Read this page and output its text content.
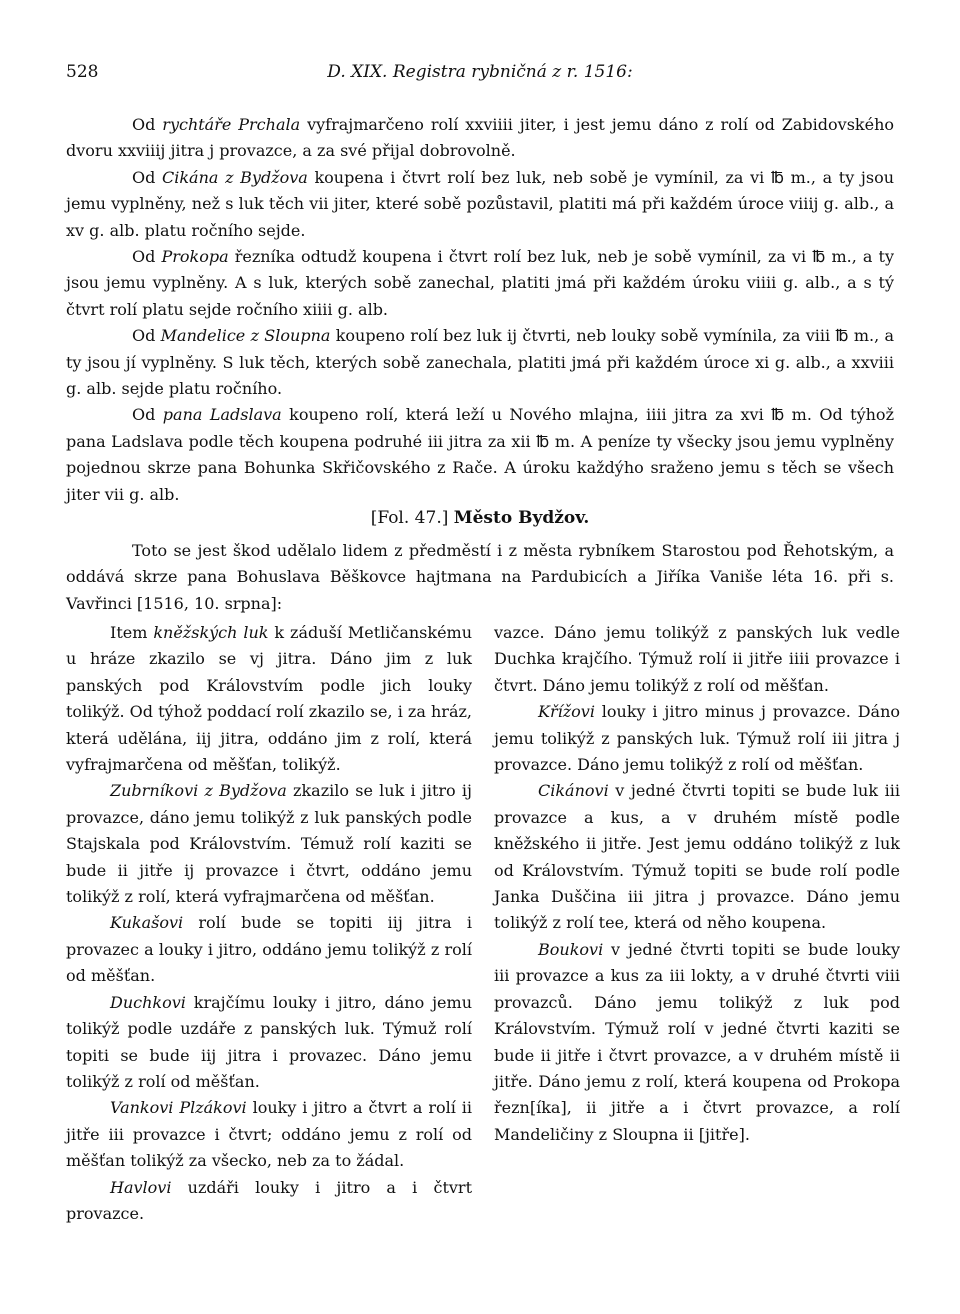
528	D. XIX. Registra rybničná z r. 1516:

Od rychtáře Prchala vyfrajmarčeno rolí xxviiii jiter, i jest jemu dáno z rolí od Zabidovského dvoru xxviiij jitra j provazce, a za své přijal dobrovolně.

Od Cikána z Bydžova koupena i čtvrt rolí bez luk, neb sobě je vymínil, za vi ℔ m., a ty jsou jemu vyplněny, než s luk těch vii jiter, které sobě pozůstavil, platiti má při každém úroce viiij g. alb., a xv g. alb. platu ročního sejde.

Od Prokopa řezníka odtudž koupena i čtvrt rolí bez luk, neb je sobě vymínil, za vi ℔ m., a ty jsou jemu vyplněny. A s luk, kterých sobě zanechal, platiti jmá při každém úroku viiii g. alb., a s tý čtvrt rolí platu sejde ročního xiiii g. alb.

Od Mandelice z Sloupna koupeno rolí bez luk ij čtvrti, neb louky sobě vymínila, za viii ℔ m., a ty jsou jí vyplněny. S luk těch, kterých sobě zanechala, platiti jmá při každém úroce xi g. alb., a xxviii g. alb. sejde platu ročního.

Od pana Ladslava koupeno rolí, která leží u Nového mlajna, iiii jitra za xvi ℔ m. Od týhož pana Ladslava podle těch koupena podruhé iii jitra za xii ℔ m. A peníze ty všecky jsou jemu vyplněny pojednou skrze pana Bohunka Skřičovského z Rače. A úroku každýho sraženo jemu s těch se všech jiter vii g. alb.

[Fol. 47.] Město Bydžov.

Toto se jest škod udělalo lidem z předměstí i z města rybníkem Starostou pod Řehotským, a oddává skrze pana Bohuslava Běškovce hajtmana na Pardubicích a Jiříka Vaniše léta 16. při s. Vavřinci [1516, 10. srpna]:

Item kněžských luk k záduší Metličanskému u hráze zkazilo se vj jitra. Dáno jim z luk panských pod Královstvím podle jich louky tolikýž. Od týhož poddací rolí zkazilo se, i za hráz, která udělána, iij jitra, oddáno jim z rolí, která vyfrajmarčena od měšťan, tolikýž.

Zubrníkovi z Bydžova zkazilo se luk i jitro ij provazce, dáno jemu tolikýž z luk panských podle Stajskala pod Královstvím. Témuž rolí kaziti se bude ii jitře ij provazce i čtvrt, oddáno jemu tolikýž z rolí, která vyfrajmarčena od měšťan.

Kukašovi rolí bude se topiti iij jitra i provazec a louky i jitro, oddáno jemu tolikýž z rolí od měšťan.

Duchkovi krajčímu louky i jitro, dáno jemu tolikýž podle uzdáře z panských luk. Týmuž rolí topiti se bude iij jitra i provazec. Dáno jemu tolikýž z rolí od měšťan.

Vankovi Plzákovi louky i jitro a čtvrt a rolí ii jitře iii provazce i čtvrt; oddáno jemu z rolí od měšťan tolikýž za všecko, neb za to žádal.

Havlovi uzdáři louky i jitro a i čtvrt provazce.

vazce. Dáno jemu tolikýž z panských luk vedle Duchka krajčího. Týmuž rolí ii jitře iiii provazce i čtvrt. Dáno jemu tolikýž z rolí od měšťan.

Křížovi louky i jitro minus j provazce. Dáno jemu tolikýž z panských luk. Týmuž rolí iii jitra j provazce. Dáno jemu tolikýž z rolí od měšťan.

Cikánovi v jedné čtvrti topiti se bude luk iii provazce a kus, a v druhém místě podle kněžského ii jitře. Jest jemu oddáno tolikýž z luk od Královstvím. Týmuž topiti se bude rolí podle Janka Duščina iii jitra j provazce. Dáno jemu tolikýž z rolí tee, která od něho koupena.

Boukovi v jedné čtvrti topiti se bude louky iii provazce a kus za iii lokty, a v druhé čtvrti viii provazců. Dáno jemu tolikýž z luk pod Královstvím. Týmuž rolí v jedné čtvrti kaziti se bude ii jitře i čtvrt provazce, a v druhém místě ii jitře. Dáno jemu z rolí, která koupena od Prokopa řezn[íka], ii jitře a i čtvrt provazce, a rolí Mandeličiny z Sloupna ii [jitře].
